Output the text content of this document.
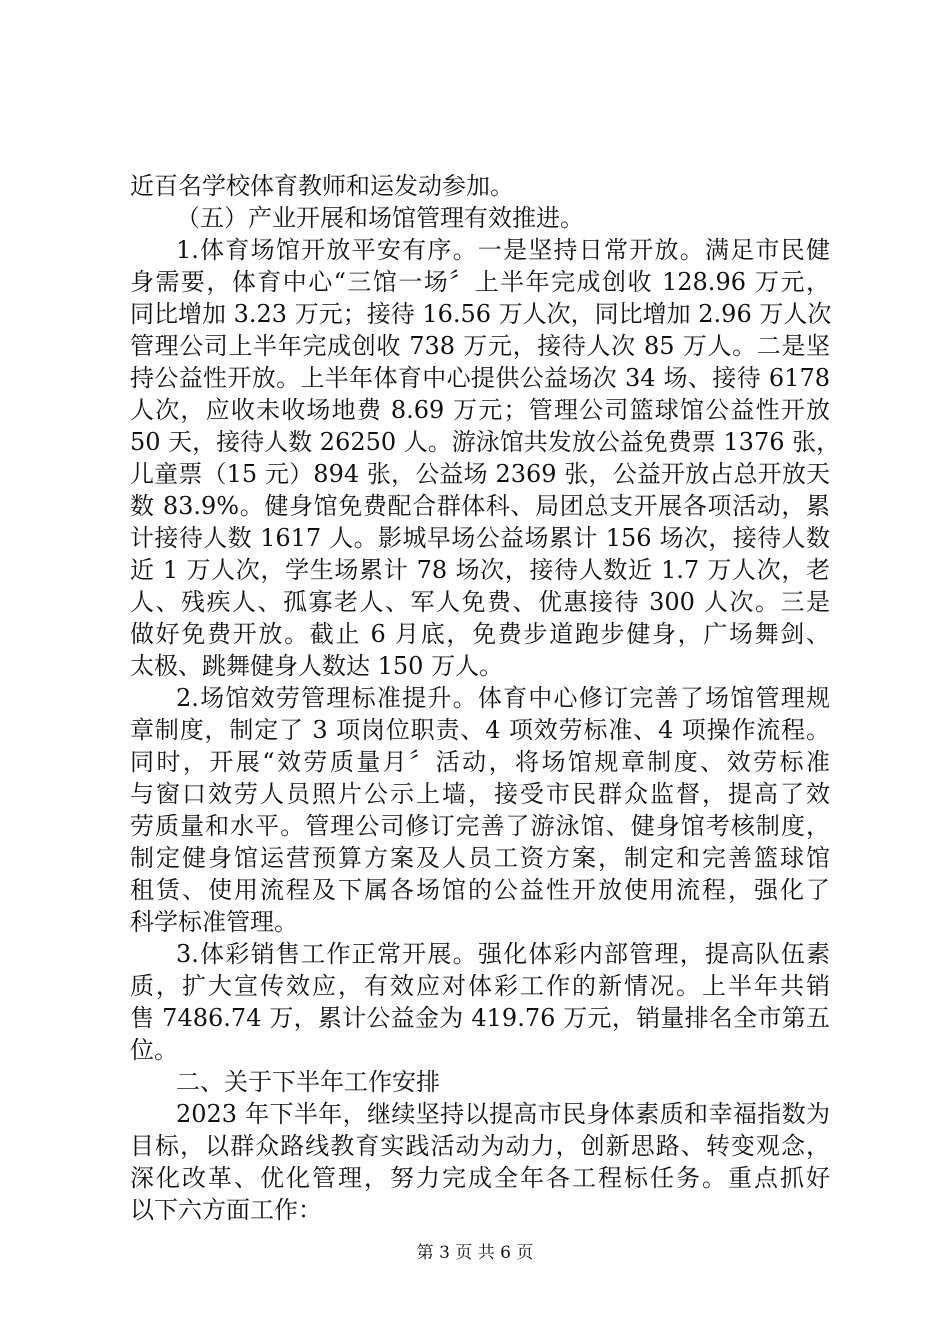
近百名学校体育教师和运发动参加。
（五）产业开展和场馆管理有效推进。
1.体育场馆开放平安有序。一是坚持日常开放。满足市民健
身需要，体育中心“三馆一场〞上半年完成创收 128.96 万元，
同比增加 3.23 万元；接待 16.56 万人次，同比增加 2.96 万人次
管理公司上半年完成创收 738 万元，接待人次 85 万人。二是坚
持公益性开放。上半年体育中心提供公益场次 34 场、接待 6178
人次，应收未收场地费 8.69 万元；管理公司篮球馆公益性开放
50 天，接待人数 26250 人。游泳馆共发放公益免费票 1376 张，
儿童票（15 元）894 张，公益场 2369 张，公益开放占总开放天
数 83.9%。健身馆免费配合群体科、局团总支开展各项活动，累
计接待人数 1617 人。影城早场公益场累计 156 场次，接待人数
近 1 万人次，学生场累计 78 场次，接待人数近 1.7 万人次，老
人、残疾人、孤寡老人、军人免费、优惠接待 300 人次。三是
做好免费开放。截止 6 月底，免费步道跑步健身，广场舞剑、
太极、跳舞健身人数达 150 万人。
2.场馆效劳管理标准提升。体育中心修订完善了场馆管理规
章制度，制定了 3 项岗位职责、4 项效劳标准、4 项操作流程。
同时，开展“效劳质量月〞活动，将场馆规章制度、效劳标准
与窗口效劳人员照片公示上墙，接受市民群众监督，提高了效
劳质量和水平。管理公司修订完善了游泳馆、健身馆考核制度，
制定健身馆运营预算方案及人员工资方案，制定和完善篮球馆
租赁、使用流程及下属各场馆的公益性开放使用流程，强化了
科学标准管理。
3.体彩销售工作正常开展。强化体彩内部管理，提高队伍素
质，扩大宣传效应，有效应对体彩工作的新情况。上半年共销
售 7486.74 万，累计公益金为 419.76 万元，销量排名全市第五
位。
二、关于下半年工作安排
2023 年下半年，继续坚持以提高市民身体素质和幸福指数为
目标，以群众路线教育实践活动为动力，创新思路、转变观念，
深化改革、优化管理，努力完成全年各工程标任务。重点抓好
以下六方面工作：
第 3 页 共 6 页
